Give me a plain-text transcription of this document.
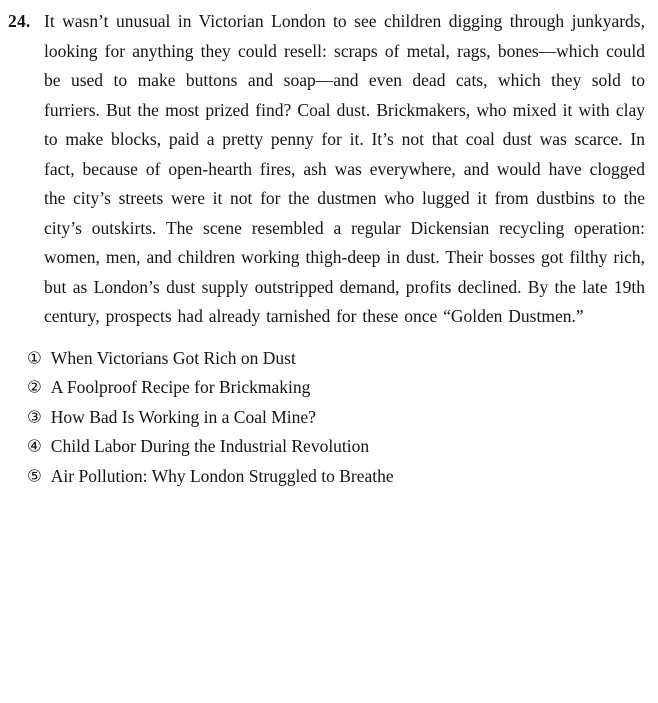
24. It wasn’t unusual in Victorian London to see children digging through junkyards, looking for anything they could resell: scraps of metal, rags, bones—which could be used to make buttons and soap—and even dead cats, which they sold to furriers. But the most prized find? Coal dust. Brickmakers, who mixed it with clay to make blocks, paid a pretty penny for it. It’s not that coal dust was scarce. In fact, because of open-hearth fires, ash was everywhere, and would have clogged the city’s streets were it not for the dustmen who lugged it from dustbins to the city’s outskirts. The scene resembled a regular Dickensian recycling operation: women, men, and children working thigh-deep in dust. Their bosses got filthy rich, but as London’s dust supply outstripped demand, profits declined. By the late 19th century, prospects had already tarnished for these once “Golden Dustmen.”
① When Victorians Got Rich on Dust
② A Foolproof Recipe for Brickmaking
③ How Bad Is Working in a Coal Mine?
④ Child Labor During the Industrial Revolution
⑤ Air Pollution: Why London Struggled to Breathe
